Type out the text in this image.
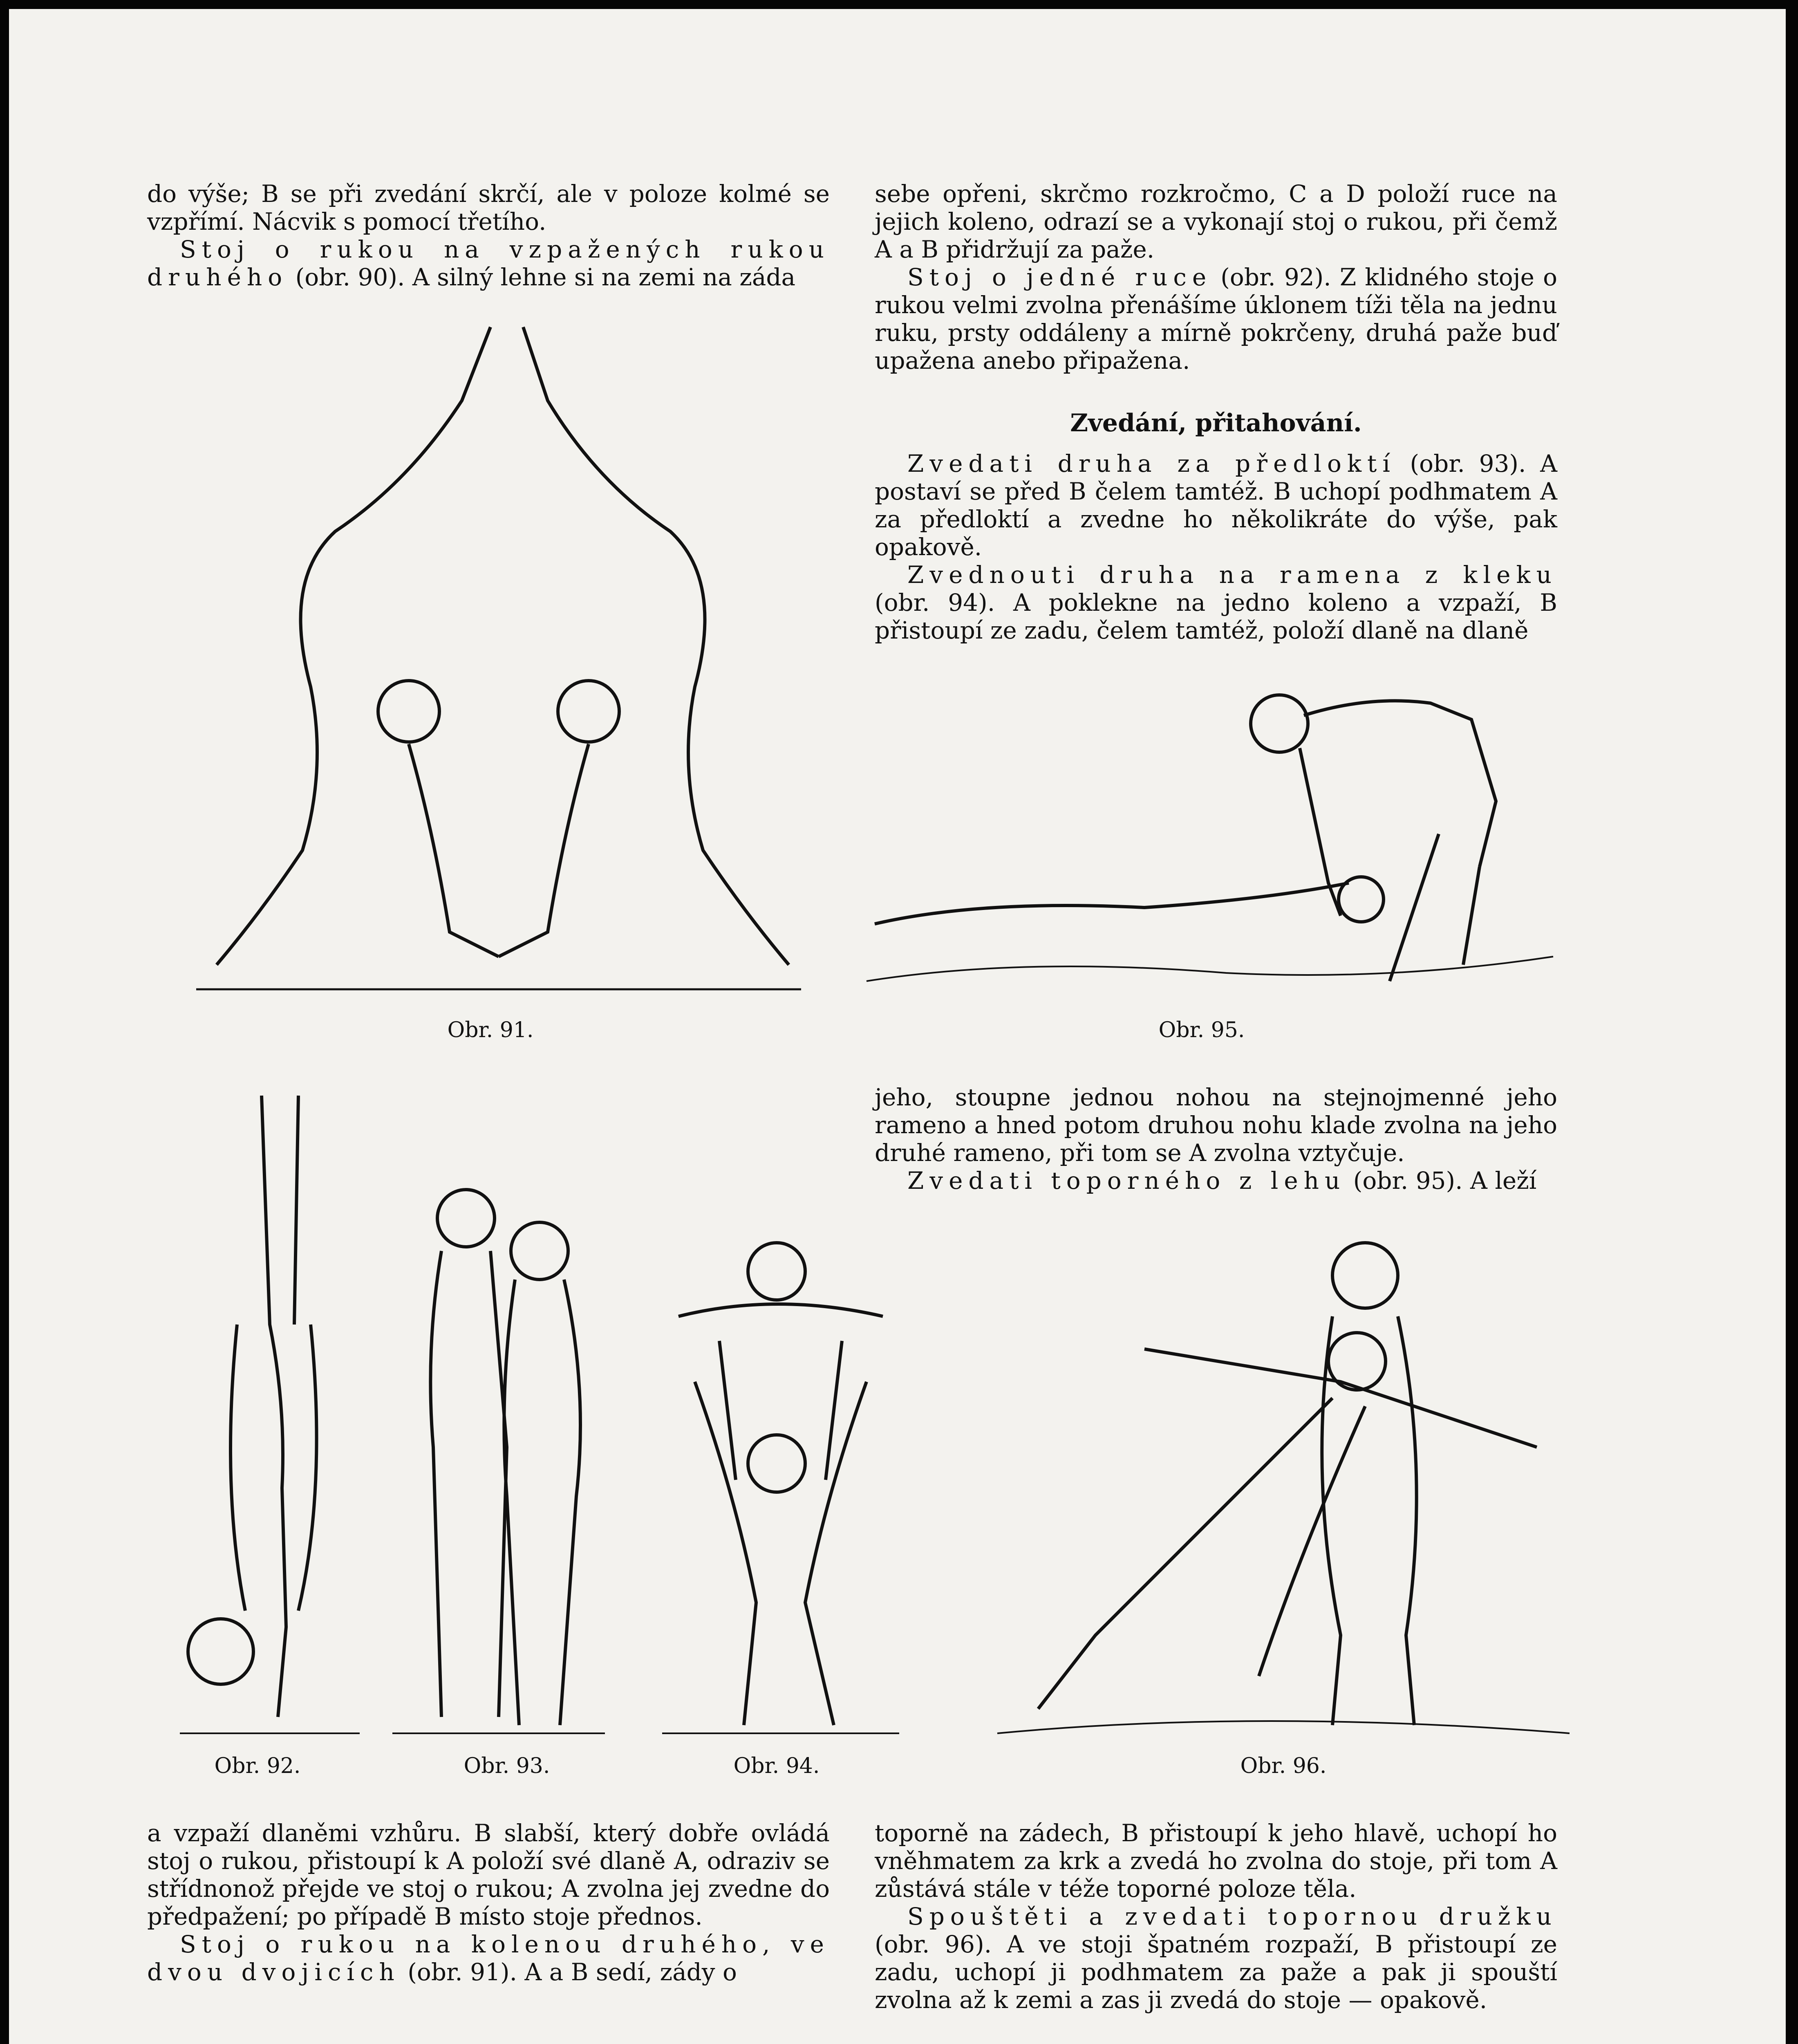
do výše; B se při zvedání skrčí, ale v poloze kolmé se vzpřímí. Nácvik s pomocí třetího.

Stoj o rukou na vzpažených rukou druhého (obr. 90). A silný lehne si na zemi na záda

sebe opřeni, skrčmo rozkročmo, C a D položí ruce na jejich koleno, odrazí se a vykonají stoj o rukou, při čemž A a B přidržují za paže.

Stoj o jedné ruce (obr. 92). Z klidného stoje o rukou velmi zvolna přenášíme úklonem tíži těla na jednu ruku, prsty oddáleny a mírně pokrčeny, druhá paže buď upažena anebo připažena.

Zvedání, přitahování.

Zvedati druha za předloktí (obr. 93). A postaví se před B čelem tamtéž. B uchopí podhmatem A za předloktí a zvedne ho několikráte do výše, pak opakově.

Zvednouti druha na ramena z kleku (obr. 94). A poklekne na jedno koleno a vzpaží, B přistoupí ze zadu, čelem tamtéž, položí dlaně na dlaně

Obr. 91.	Obr. 95.

jeho, stoupne jednou nohou na stejnojmenné jeho rameno a hned potom druhou nohu klade zvolna na jeho druhé rameno, při tom se A zvolna vztyčuje.

Zvedati toporného z lehu (obr. 95). A leží

Obr. 92.	Obr. 93.	Obr. 94.	Obr. 96.

a vzpaží dlaněmi vzhůru. B slabší, který dobře ovládá stoj o rukou, přistoupí k A položí své dlaně A, odraziv se střídnonož přejde ve stoj o rukou; A zvolna jej zvedne do předpažení; po případě B místo stoje přednos.

Stoj o rukou na kolenou druhého, ve dvou dvojicích (obr. 91). A a B sedí, zády o

toporně na zádech, B přistoupí k jeho hlavě, uchopí ho vněhmatem za krk a zvedá ho zvolna do stoje, při tom A zůstává stále v téže toporné poloze těla.

Spouštěti a zvedati topornou družku (obr. 96). A ve stoji špatném rozpaží, B přistoupí ze zadu, uchopí ji podhmatem za paže a pak ji spouští zvolna až k zemi a zas ji zvedá do stoje — opakově.
